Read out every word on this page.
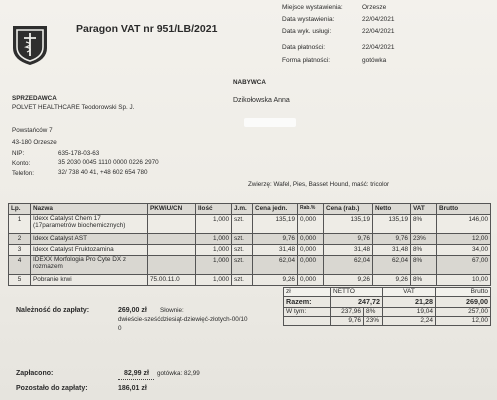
Paragon VAT nr 951/LB/2021
Miejsce wystawienia:	Orzesze
Data wystawienia:	22/04/2021
Data wyk. usługi:	22/04/2021
Data płatności:	22/04/2021
Forma płatności:	gotówka
NABYWCA
Dzikołowska Anna
SPRZEDAWCA
POLVET HEALTHCARE Teodorowski Sp. J.
Powstańców 7
43-180 Orzesze
NIP:	635-178-03-63
Konto:	35 2030 0045 1110 0000 0226 2970
Telefon:	32/ 738 40 41, +48 602 654 780
Zwierzę: Wafel, Pies, Basset Hound, maść: tricolor
Lp.	Nazwa	PKWiU/CN	Ilość	J.m.	Cena jedn.	Rab.%	Cena (rab.)	Netto	VAT	Brutto
1	Idexx Catalyst Chem 17 (17parametrów biochemicznych)		1,000	szt.	135,19	0,000	135,19	135,19	8%	146,00
2	Idexx Catalyst AST		1,000	szt.	9,76	0,000	9,76	9,76	23%	12,00
3	Idexx Catalyst Fruktozamina		1,000	szt.	31,48	0,000	31,48	31,48	8%	34,00
4	IDEXX Morfologia Pro Cyte DX z rozmazem		1,000	szt.	62,04	0,000	62,04	62,04	8%	67,00
5	Pobranie krwi	75.00.11.0	1,000	szt.	9,26	0,000	9,26	9,26	8%	10,00
zł	NETTO		VAT	Brutto
Razem:	247,72		21,28	269,00
W tym:	237,96	8%	19,04	257,00
	9,76	23%	2,24	12,00
Należność do zapłaty:	269,00 zł Słownie:
dwieście-sześćdziesiąt-dziewięć-złotych-00/10
0
Zapłacono:	82,99 zł gotówka: 82,99
Pozostało do zapłaty:	186,01 zł
